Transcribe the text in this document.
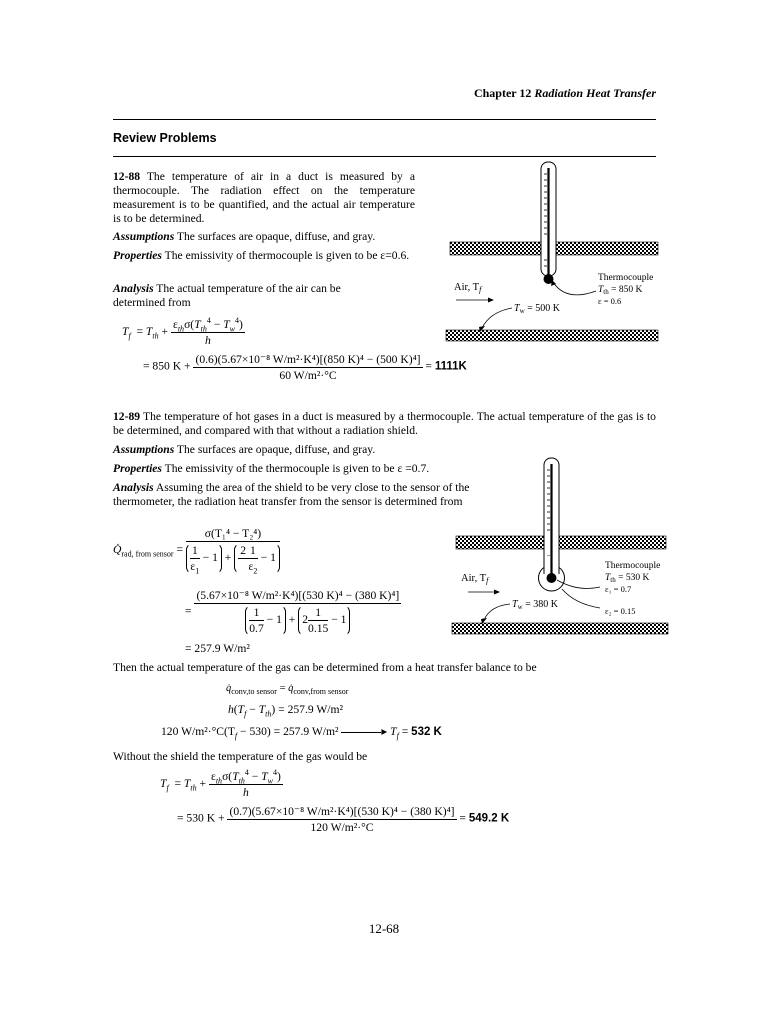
Chapter 12 Radiation Heat Transfer
Review Problems
12-88 The temperature of air in a duct is measured by a thermocouple. The radiation effect on the temperature measurement is to be quantified, and the actual air temperature is to be determined.
Assumptions The surfaces are opaque, diffuse, and gray.
Properties The emissivity of thermocouple is given to be ε=0.6.
Analysis The actual temperature of the air can be determined from
$T_f = T_{th} + \frac{\varepsilon_{th}\sigma(T_{th}^4 - T_w^4)}{h}$
= 850 $K + \frac{\text{(0.6)(5.67×10⁻⁸ W/m²·K⁴)[(850 K)⁴ − (500 K)⁴]}}{\text{60 W/m²·°C}} = 1111K$
Air, Tf
$T_w = 500$ K
Thermocouple
$T_{th} = 850$ K
ε = 0.6
12-89 The temperature of hot gases in a duct is measured by a thermocouple. The actual temperature of the gas is to be determined, and compared with that without a radiation shield.
Assumptions The surfaces are opaque, diffuse, and gray.
Properties The emissivity of the thermocouple is given to be ε =0.7.
Analysis Assuming the area of the shield to be very close to the sensor of the thermometer, the radiation heat transfer from the sensor is determined from
$Q̇_{rad, from sensor} = \sigma(T_1^4 - T_2^4)$
$\frac{1}{\varepsilon_1} - 1$ +
2
$\frac{1}{\varepsilon_2} - 1$
= $\frac{\text{(5.67×10⁻⁸ W/m²·K⁴)[(530 K)⁴ − (380 K)⁴]}}{\frac{1}{0.7} - 1 + 2 \frac{1}{0.15} - 1}$
= 257.9 W/m²
Then the actual temperature of the gas can be determined from a heat transfer balance to be
$q̇_{conv,to sensor}$ = $q̇_{conv,from sensor}$
$h(T_f - T_{th}) = 257.9$ W/m²
120 $W/m^2\cdot^\circ C(T_f - 530) = 257.9$ W/m²	▸ $T_f = 532$ K
Without the shield the temperature of the gas would be
$T_f = T_{th} + \frac{\varepsilon_{th}\sigma(T_{th}^4 - T_w^4)}{h}$
= 530 $K + \frac{\text{(0.7)(5.67×10⁻⁸ W/m²·K⁴)[(530 K)⁴ − (380 K)⁴]}}{\text{120 W/m²·°C}} = 549.2$ K
Air, Tf
$T_w = 380$ K
Thermocouple
$T_{th} = 530$ K
ε₁ = 0.7
ε₂ = 0.15
12-68
